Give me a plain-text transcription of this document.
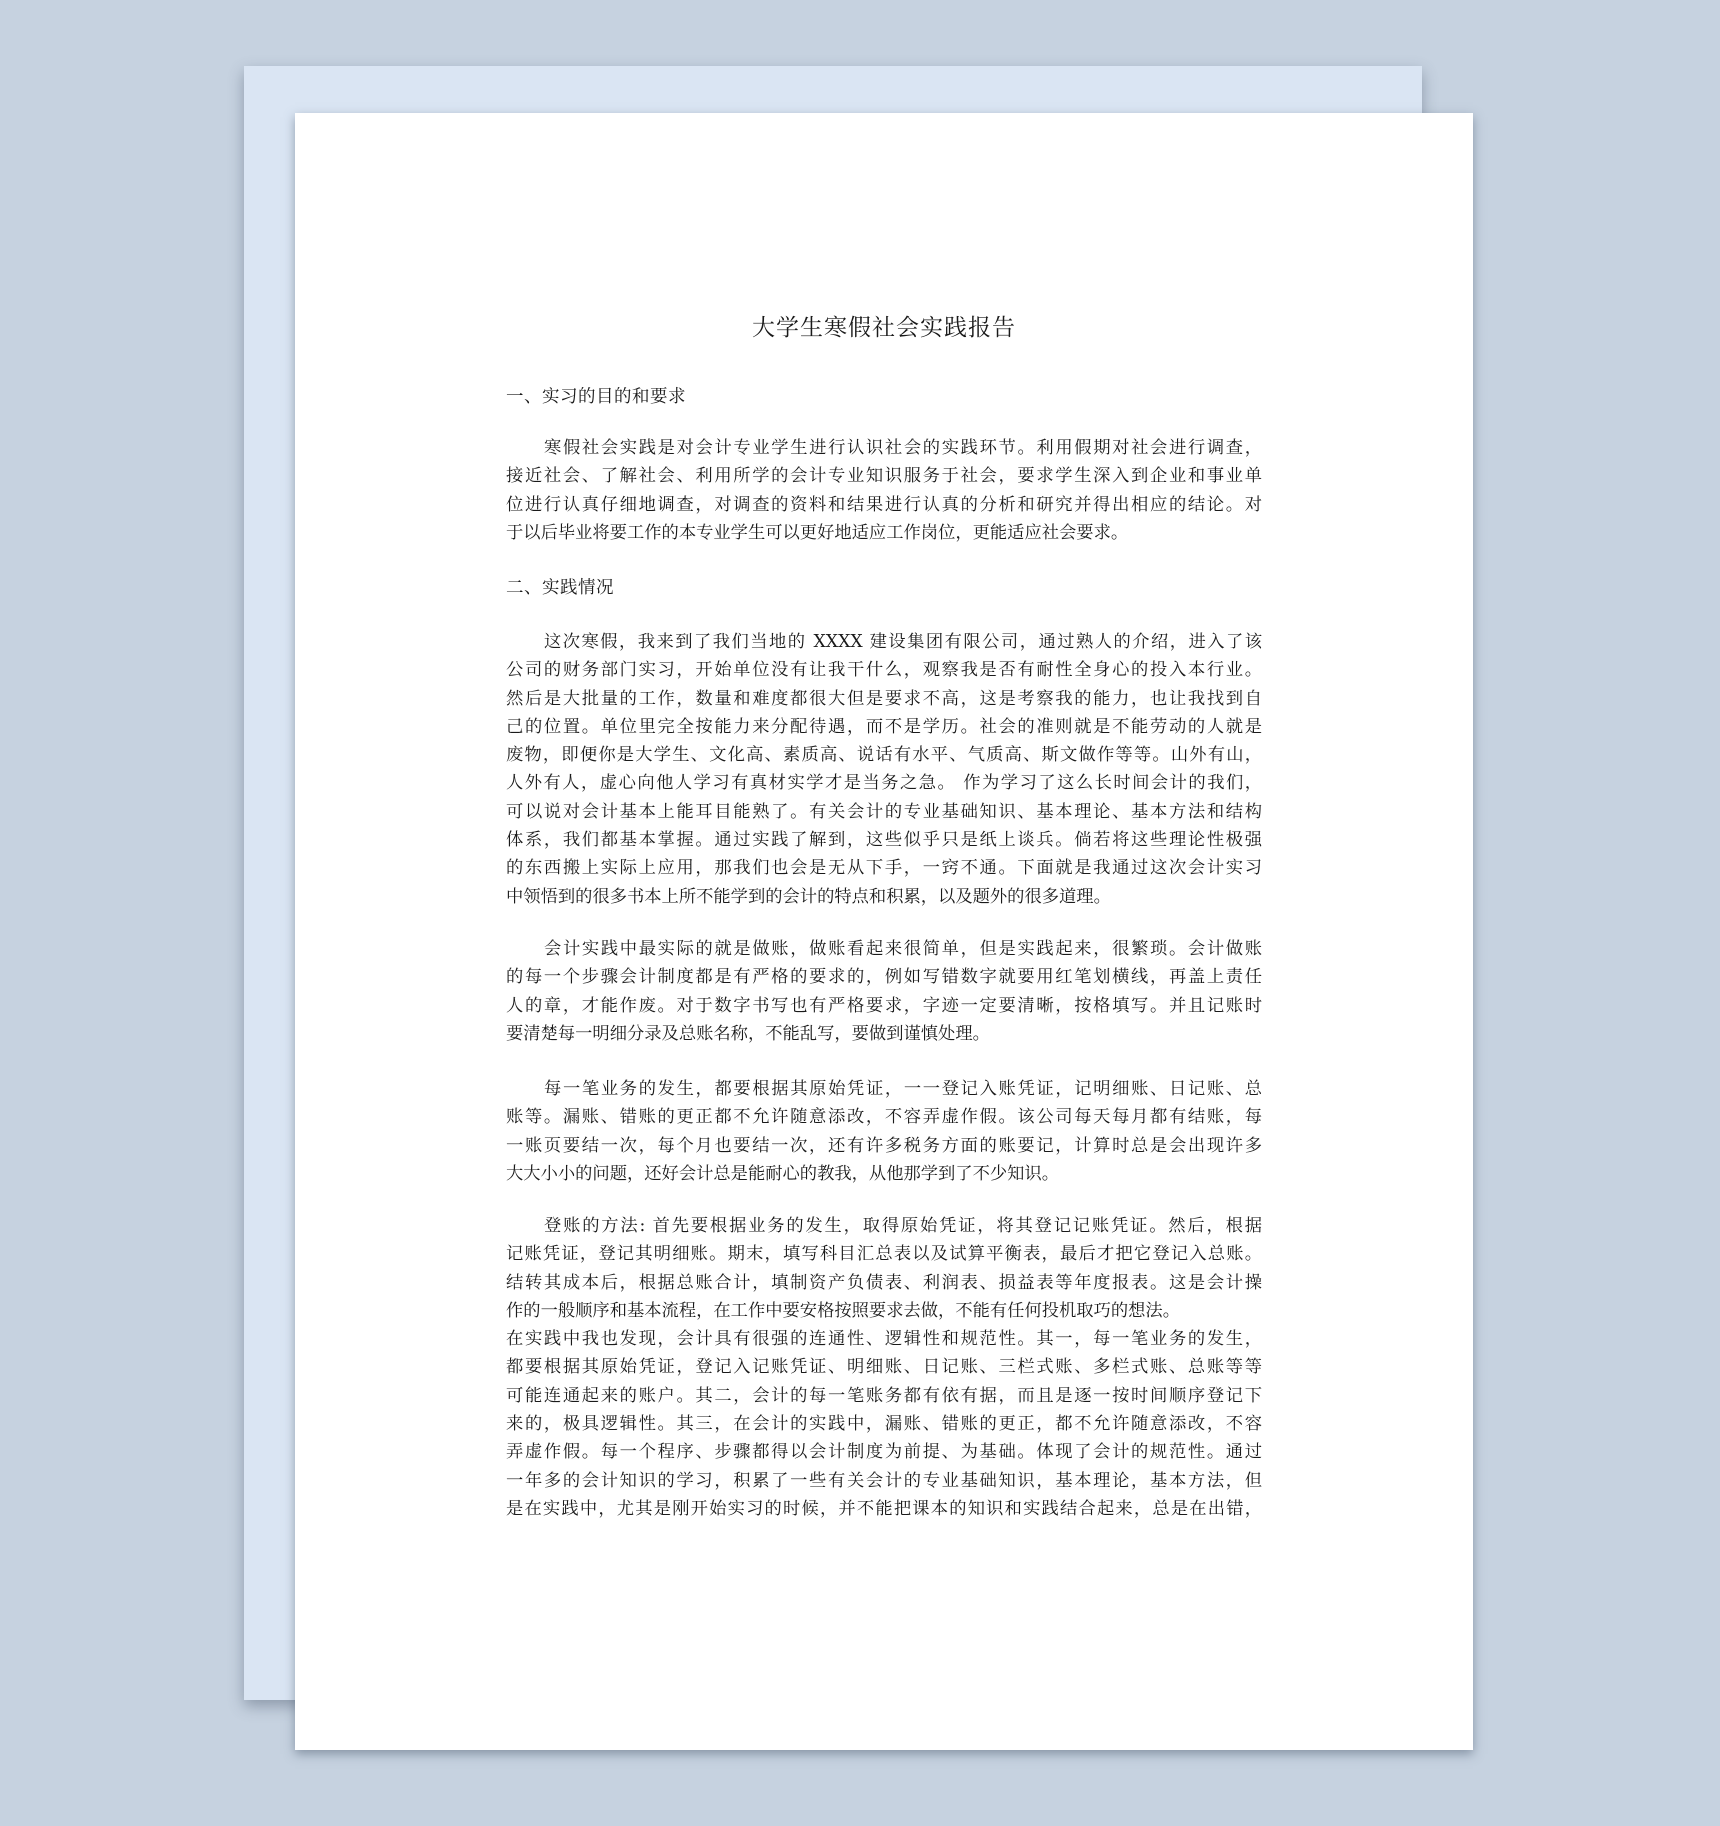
大学生寒假社会实践报告
一、实习的目的和要求
寒假社会实践是对会计专业学生进行认识社会的实践环节。利用假期对社会进行调查，
接近社会、了解社会、利用所学的会计专业知识服务于社会，要求学生深入到企业和事业单
位进行认真仔细地调查，对调查的资料和结果进行认真的分析和研究并得出相应的结论。对
于以后毕业将要工作的本专业学生可以更好地适应工作岗位，更能适应社会要求。
二、实践情况
这次寒假，我来到了我们当地的 XXXX 建设集团有限公司，通过熟人的介绍，进入了该
公司的财务部门实习，开始单位没有让我干什么，观察我是否有耐性全身心的投入本行业。
然后是大批量的工作，数量和难度都很大但是要求不高，这是考察我的能力，也让我找到自
己的位置。单位里完全按能力来分配待遇，而不是学历。社会的准则就是不能劳动的人就是
废物，即便你是大学生、文化高、素质高、说话有水平、气质高、斯文做作等等。山外有山，
人外有人，虚心向他人学习有真材实学才是当务之急。 作为学习了这么长时间会计的我们，
可以说对会计基本上能耳目能熟了。有关会计的专业基础知识、基本理论、基本方法和结构
体系，我们都基本掌握。通过实践了解到，这些似乎只是纸上谈兵。倘若将这些理论性极强
的东西搬上实际上应用，那我们也会是无从下手，一窍不通。下面就是我通过这次会计实习
中领悟到的很多书本上所不能学到的会计的特点和积累，以及题外的很多道理。
会计实践中最实际的就是做账，做账看起来很简单，但是实践起来，很繁琐。会计做账
的每一个步骤会计制度都是有严格的要求的，例如写错数字就要用红笔划横线，再盖上责任
人的章，才能作废。对于数字书写也有严格要求，字迹一定要清晰，按格填写。并且记账时
要清楚每一明细分录及总账名称，不能乱写，要做到谨慎处理。
每一笔业务的发生，都要根据其原始凭证，一一登记入账凭证，记明细账、日记账、总
账等。漏账、错账的更正都不允许随意添改，不容弄虚作假。该公司每天每月都有结账，每
一账页要结一次，每个月也要结一次，还有许多税务方面的账要记，计算时总是会出现许多
大大小小的问题，还好会计总是能耐心的教我，从他那学到了不少知识。
登账的方法: 首先要根据业务的发生，取得原始凭证，将其登记记账凭证。然后，根据
记账凭证，登记其明细账。期末，填写科目汇总表以及试算平衡表，最后才把它登记入总账。
结转其成本后，根据总账合计，填制资产负债表、利润表、损益表等年度报表。这是会计操
作的一般顺序和基本流程，在工作中要安格按照要求去做，不能有任何投机取巧的想法。
在实践中我也发现，会计具有很强的连通性、逻辑性和规范性。其一，每一笔业务的发生，
都要根据其原始凭证，登记入记账凭证、明细账、日记账、三栏式账、多栏式账、总账等等
可能连通起来的账户。其二，会计的每一笔账务都有依有据，而且是逐一按时间顺序登记下
来的，极具逻辑性。其三，在会计的实践中，漏账、错账的更正，都不允许随意添改，不容
弄虚作假。每一个程序、步骤都得以会计制度为前提、为基础。体现了会计的规范性。通过
一年多的会计知识的学习，积累了一些有关会计的专业基础知识，基本理论，基本方法，但
是在实践中，尤其是刚开始实习的时候，并不能把课本的知识和实践结合起来，总是在出错，
